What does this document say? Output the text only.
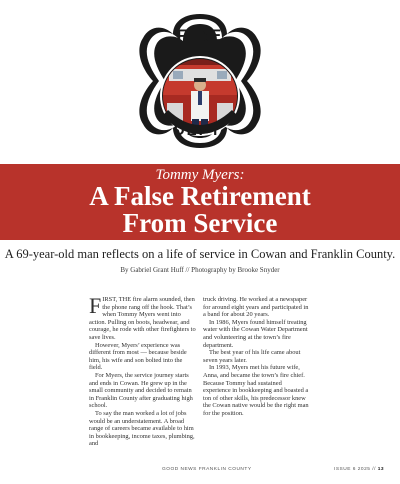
FIRE
DEPT.
Tommy Myers:
A False Retirement
From Service
A 69-year-old man reflects on a life of service in Cowan and Franklin County.
By Gabriel Grant Huff // Photography by Brooke Snyder

FIRST, THE fire alarm sounded, then the phone rang off the hook. That’s when Tommy Myers went into action. Pulling on boots, headwear, and courage, he rode with other firefighters to save lives.

However, Myers’ experience was different from most — because beside him, his wife and son bolted into the field.

For Myers, the service journey starts and ends in Cowan. He grew up in the small community and decided to remain in Franklin County after graduating high school.

To say the man worked a lot of jobs would be an understatement. A broad range of careers became available to him in bookkeeping, income taxes, plumbing, and

truck driving. He worked at a newspaper for around eight years and participated in a band for about 20 years.

In 1986, Myers found himself treating water with the Cowan Water Department and volunteering at the town’s fire department.

The best year of his life came about seven years later.

In 1993, Myers met his future wife, Anna, and became the town’s fire chief. Because Tommy had sustained experience in bookkeeping and boasted a ton of other skills, his predecessor knew the Cowan native would be the right man for the position.

GOOD NEWS FRANKLIN COUNTY	ISSUE 6 2025 // 13
